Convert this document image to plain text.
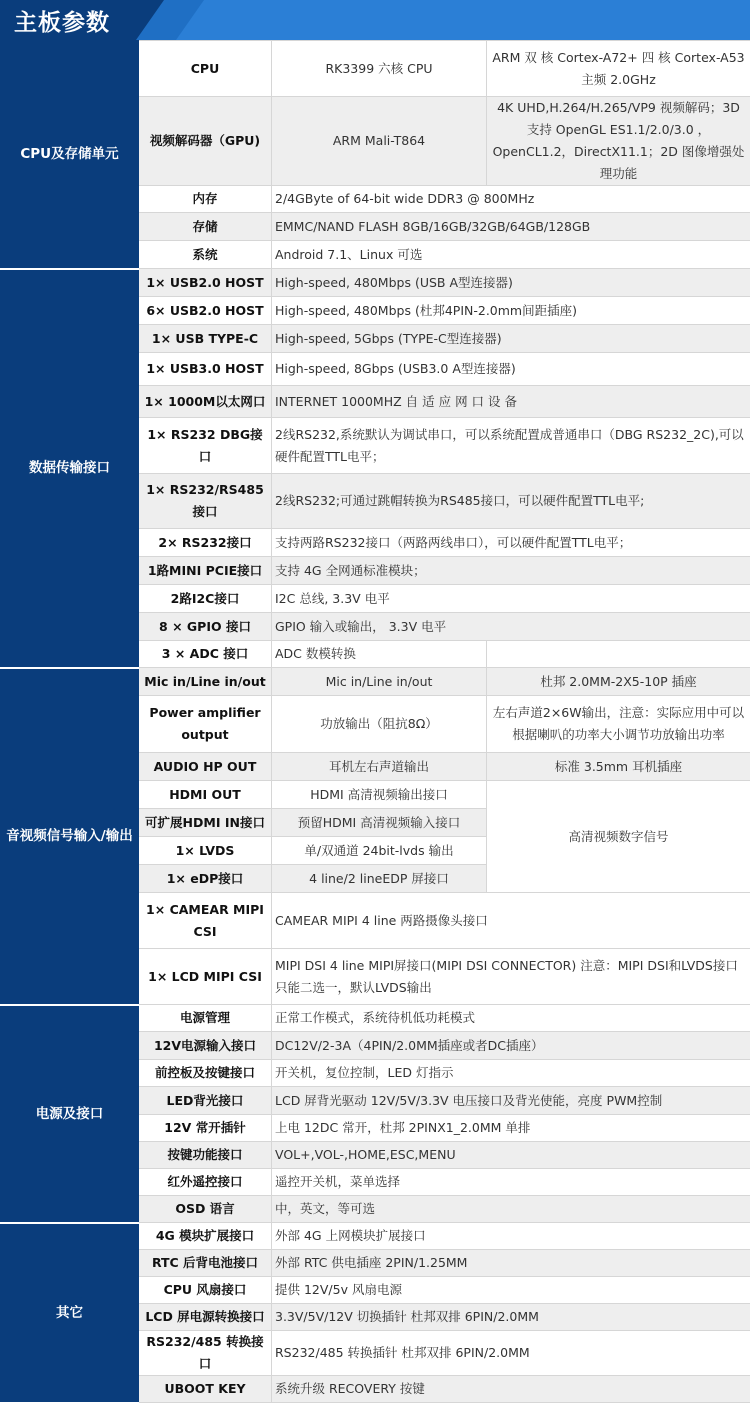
主板参数
CPU及存储单元	CPU	RK3399 六核 CPU	ARM 双 核 Cortex-A72+ 四 核 Cortex-A53 主频 2.0GHz
	视频解码器（GPU)	ARM Mali-T864	4K UHD,H.264/H.265/VP9 视频解码；3D 支持 OpenGL ES1.1/2.0/3.0 ，OpenCL1.2，DirectX11.1；2D 图像增强处理功能
	内存	2/4GByte of 64-bit wide DDR3 @ 800MHz	
	存储	EMMC/NAND FLASH 8GB/16GB/32GB/64GB/128GB	
	系统	Android 7.1、Linux 可选	
数据传输接口	1× USB2.0 HOST	High-speed, 480Mbps (USB A型连接器)	
	6× USB2.0 HOST	High-speed, 480Mbps (杜邦4PIN-2.0mm间距插座)	
	1× USB TYPE-C	High-speed, 5Gbps (TYPE-C型连接器)	
	1× USB3.0 HOST	High-speed, 8Gbps (USB3.0 A型连接器)	
	1× 1000M以太网口	INTERNET 1000MHZ 自 适 应 网 口 设 备	
	1× RS232 DBG接口	2线RS232,系统默认为调试串口，可以系统配置成普通串口（DBG RS232_2C),可以硬件配置TTL电平；	
	1× RS232/RS485接口	2线RS232;可通过跳帽转换为RS485接口，可以硬件配置TTL电平;	
	2× RS232接口	支持两路RS232接口（两路两线串口），可以硬件配置TTL电平；	
	1路MINI PCIE接口	支持 4G 全网通标准模块；	
	2路I2C接口	I2C 总线, 3.3V 电平	
	8 × GPIO 接口	GPIO 输入或输出， 3.3V 电平	
	3 × ADC 接口	ADC 数模转换	

音视频信号输入/输出	Mic in/Line in/out	Mic in/Line in/out	杜邦 2.0MM-2X5-10P 插座
	Power amplifier output	功放输出（阻抗8Ω）	左右声道2×6W输出，注意：实际应用中可以根据喇叭的功率大小调节功放输出功率
	AUDIO HP OUT	耳机左右声道输出	标准 3.5mm 耳机插座
	HDMI OUT	HDMI 高清视频输出接口	高清视频数字信号
	可扩展HDMI IN接口	预留HDMI 高清视频输入接口	
	1× LVDS	单/双通道 24bit-lvds 输出	
	1× eDP接口	4 line/2 lineEDP 屏接口	
	1× CAMEAR MIPI CSI	CAMEAR MIPI 4 line 两路摄像头接口	
	1× LCD MIPI CSI	MIPI DSI 4 line MIPI屏接口(MIPI DSI CONNECTOR) 注意：MIPI DSI和LVDS接口只能二选一，默认LVDS输出	

电源及接口	电源管理	正常工作模式，系统待机低功耗模式	
	12V电源输入接口	DC12V/2-3A（4PIN/2.0MM插座或者DC插座）	
	前控板及按键接口	开关机，复位控制，LED 灯指示	
	LED背光接口	LCD 屏背光驱动 12V/5V/3.3V 电压接口及背光使能，亮度 PWM控制	
	12V 常开插针	上电 12DC 常开，杜邦 2PINX1_2.0MM 单排	
	按键功能接口	VOL+,VOL-,HOME,ESC,MENU	
	红外遥控接口	遥控开关机，菜单选择	
	OSD 语言	中，英文，等可选	
其它	4G 模块扩展接口	外部 4G 上网模块扩展接口	
	RTC 后背电池接口	外部 RTC 供电插座 2PIN/1.25MM	
	CPU 风扇接口	提供 12V/5v 风扇电源	
	LCD 屏电源转换接口	3.3V/5V/12V 切换插针 杜邦双排 6PIN/2.0MM	
	RS232/485 转换接口	RS232/485 转换插针 杜邦双排 6PIN/2.0MM	
	UBOOT KEY	系统升级 RECOVERY 按键	
